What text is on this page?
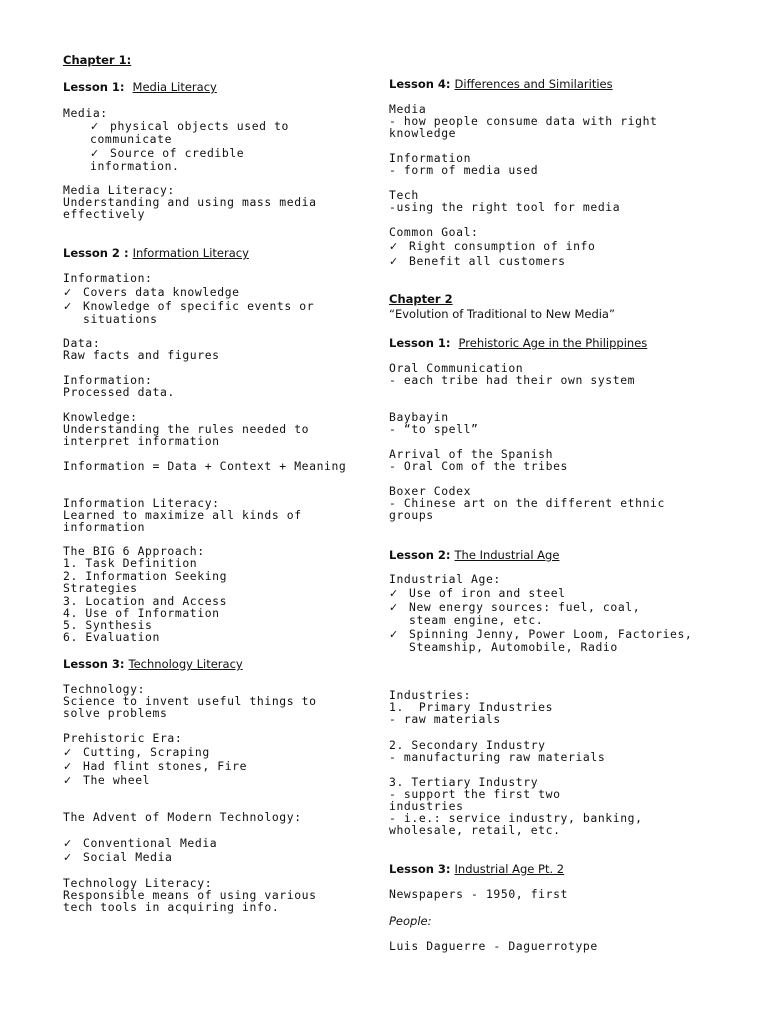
Chapter 1:
Lesson 1: Media Literacy
Media:
✓ physical objects used to communicate
✓ Source of credible information.
Media Literacy:
Understanding and using mass media effectively
Lesson 2 : Information Literacy
Information:
✓ Covers data knowledge
✓ Knowledge of specific events or situations
Data:
Raw facts and figures
Information:
Processed data.
Knowledge:
Understanding the rules needed to interpret information
Information = Data + Context + Meaning
Information Literacy:
Learned to maximize all kinds of information
The BIG 6 Approach:
1. Task Definition
2. Information Seeking Strategies
3. Location and Access
4. Use of Information
5. Synthesis
6. Evaluation
Lesson 3: Technology Literacy
Technology:
Science to invent useful things to solve problems
Prehistoric Era:
✓ Cutting, Scraping
✓ Had flint stones, Fire
✓ The wheel
The Advent of Modern Technology:
✓ Conventional Media
✓ Social Media
Technology Literacy:
Responsible means of using various tech tools in acquiring info.
Lesson 4: Differences and Similarities
Media
- how people consume data with right knowledge
Information
- form of media used
Tech
-using the right tool for media
Common Goal:
✓ Right consumption of info
✓ Benefit all customers
Chapter 2
“Evolution of Traditional to New Media”
Lesson 1: Prehistoric Age in the Philippines
Oral Communication
- each tribe had their own system
Baybayin
- “to spell”
Arrival of the Spanish
- Oral Com of the tribes
Boxer Codex
- Chinese art on the different ethnic groups
Lesson 2: The Industrial Age
Industrial Age:
✓ Use of iron and steel
✓ New energy sources: fuel, coal, steam engine, etc.
✓ Spinning Jenny, Power Loom, Factories, Steamship, Automobile, Radio
Industries:
1.  Primary Industries
- raw materials
2. Secondary Industry
- manufacturing raw materials
3. Tertiary Industry
- support the first two industries
- i.e.: service industry, banking, wholesale, retail, etc.
Lesson 3: Industrial Age Pt. 2
Newspapers - 1950, first
People:
Luis Daguerre - Daguerrotype
